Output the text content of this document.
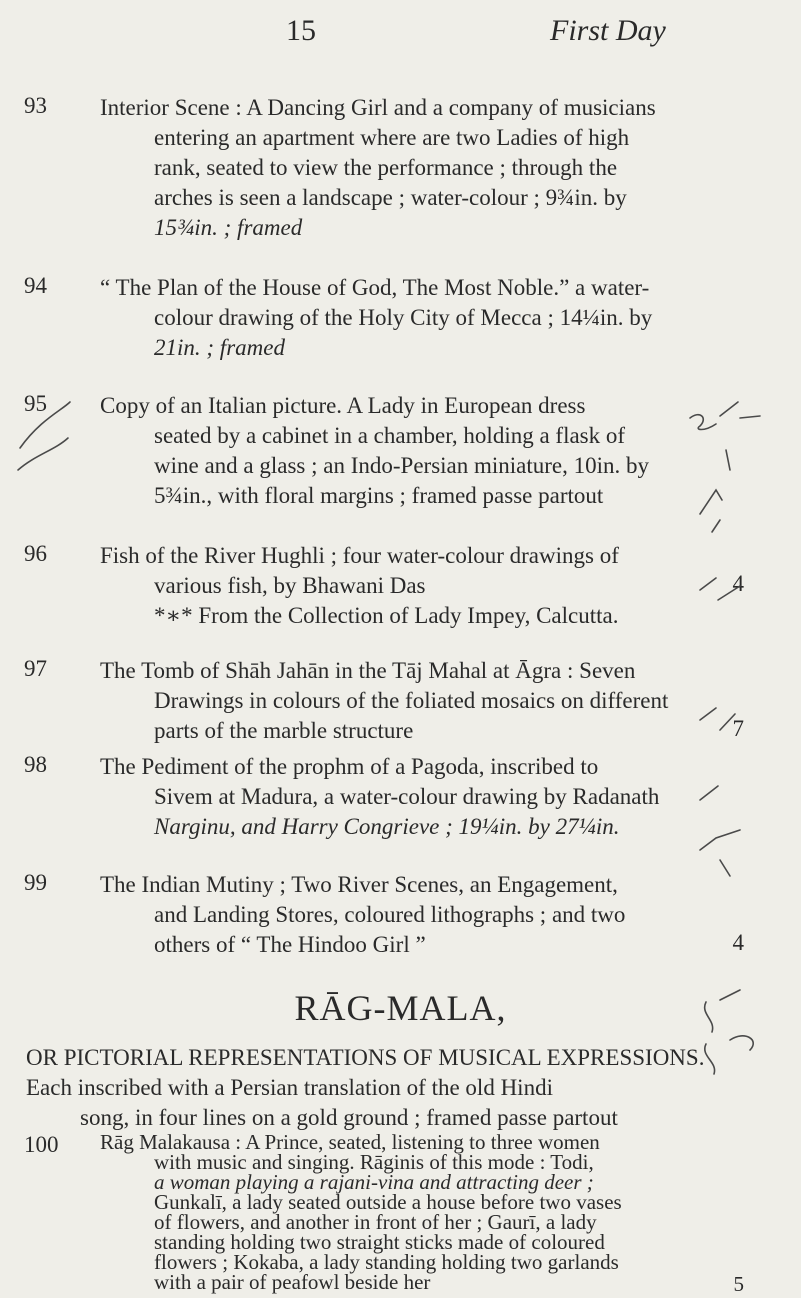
15	First Day
93 Interior Scene : A Dancing Girl and a company of musicians
entering an apartment where are two Ladies of high
rank, seated to view the performance ; through the
arches is seen a landscape ; water-colour ; 9¾in. by
15¾in. ; framed
94 “ The Plan of the House of God, The Most Noble.” a water-
colour drawing of the Holy City of Mecca ; 14¼in. by
21in. ; framed
95 Copy of an Italian picture. A Lady in European dress
seated by a cabinet in a chamber, holding a flask of
wine and a glass ; an Indo-Persian miniature, 10in. by
5¾in., with floral margins ; framed passe partout
96 Fish of the River Hughli ; four water-colour drawings of
various fish, by Bhawani Das
*∗* From the Collection of Lady Impey, Calcutta.
4
97 The Tomb of Shāh Jahān in the Tāj Mahal at Āgra : Seven
Drawings in colours of the foliated mosaics on different
parts of the marble structure	7
98 The Pediment of the prophm of a Pagoda, inscribed to
Sivem at Madura, a water-colour drawing by Radanath
Narginu, and Harry Congrieve ; 19¼in. by 27¼in.
99 The Indian Mutiny ; Two River Scenes, an Engagement,
and Landing Stores, coloured lithographs ; and two
others of “ The Hindoo Girl ”	4
RĀG-MALA,
OR PICTORIAL REPRESENTATIONS OF MUSICAL EXPRESSIONS.
Each inscribed with a Persian translation of the old Hindi
song, in four lines on a gold ground ; framed passe partout
100 Rāg Malakausa : A Prince, seated, listening to three women
with music and singing. Rāginis of this mode : Todi,
a woman playing a rajani-vina and attracting deer ;
Gunkalī, a lady seated outside a house before two vases
of flowers, and another in front of her ; Gaurī, a lady
standing holding two straight sticks made of coloured
flowers ; Kokaba, a lady standing holding two garlands
with a pair of peafowl beside her	5
